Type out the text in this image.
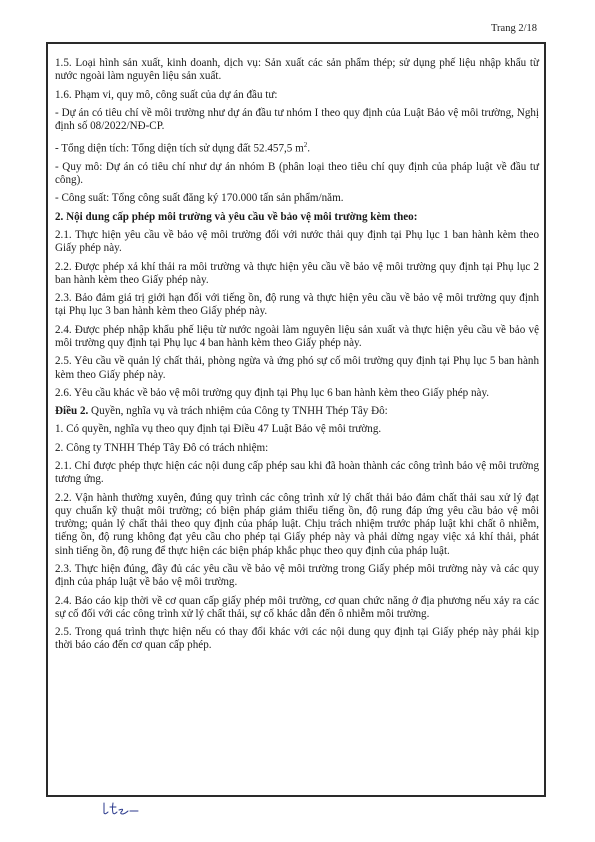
Trang 2/18

1.5. Loại hình sản xuất, kinh doanh, dịch vụ: Sản xuất các sản phẩm thép; sử dụng phế liệu nhập khẩu từ nước ngoài làm nguyên liệu sản xuất.

1.6. Phạm vi, quy mô, công suất của dự án đầu tư:

- Dự án có tiêu chí về môi trường như dự án đầu tư nhóm I theo quy định của Luật Bảo vệ môi trường, Nghị định số 08/2022/NĐ-CP.

- Tổng diện tích: Tổng diện tích sử dụng đất 52.457,5 $m^2$.

- Quy mô: Dự án có tiêu chí như dự án nhóm B (phân loại theo tiêu chí quy định của pháp luật về đầu tư công).

- Công suất: Tổng công suất đăng ký 170.000 tấn sản phẩm/năm.

2. Nội dung cấp phép môi trường và yêu cầu về bảo vệ môi trường kèm theo:

2.1. Thực hiện yêu cầu về bảo vệ môi trường đối với nước thải quy định tại Phụ lục 1 ban hành kèm theo Giấy phép này.

2.2. Được phép xả khí thải ra môi trường và thực hiện yêu cầu về bảo vệ môi trường quy định tại Phụ lục 2 ban hành kèm theo Giấy phép này.

2.3. Bảo đảm giá trị giới hạn đối với tiếng ồn, độ rung và thực hiện yêu cầu về bảo vệ môi trường quy định tại Phụ lục 3 ban hành kèm theo Giấy phép này.

2.4. Được phép nhập khẩu phế liệu từ nước ngoài làm nguyên liệu sản xuất và thực hiện yêu cầu về bảo vệ môi trường quy định tại Phụ lục 4 ban hành kèm theo Giấy phép này.

2.5. Yêu cầu về quản lý chất thải, phòng ngừa và ứng phó sự cố môi trường quy định tại Phụ lục 5 ban hành kèm theo Giấy phép này.

2.6. Yêu cầu khác về bảo vệ môi trường quy định tại Phụ lục 6 ban hành kèm theo Giấy phép này.

Điều 2. Quyền, nghĩa vụ và trách nhiệm của Công ty TNHH Thép Tây Đô:

1. Có quyền, nghĩa vụ theo quy định tại Điều 47 Luật Bảo vệ môi trường.

2. Công ty TNHH Thép Tây Đô có trách nhiệm:

2.1. Chỉ được phép thực hiện các nội dung cấp phép sau khi đã hoàn thành các công trình bảo vệ môi trường tương ứng.

2.2. Vận hành thường xuyên, đúng quy trình các công trình xử lý chất thải bảo đảm chất thải sau xử lý đạt quy chuẩn kỹ thuật môi trường; có biện pháp giảm thiểu tiếng ồn, độ rung đáp ứng yêu cầu bảo vệ môi trường; quản lý chất thải theo quy định của pháp luật. Chịu trách nhiệm trước pháp luật khi chất ô nhiễm, tiếng ồn, độ rung không đạt yêu cầu cho phép tại Giấy phép này và phải dừng ngay việc xả khí thải, phát sinh tiếng ồn, độ rung để thực hiện các biện pháp khắc phục theo quy định của pháp luật.

2.3. Thực hiện đúng, đầy đủ các yêu cầu về bảo vệ môi trường trong Giấy phép môi trường này và các quy định của pháp luật về bảo vệ môi trường.

2.4. Báo cáo kịp thời về cơ quan cấp giấy phép môi trường, cơ quan chức năng ở địa phương nếu xảy ra các sự cố đối với các công trình xử lý chất thải, sự cố khác dẫn đến ô nhiễm môi trường.

2.5. Trong quá trình thực hiện nếu có thay đổi khác với các nội dung quy định tại Giấy phép này phải kịp thời báo cáo đến cơ quan cấp phép.
